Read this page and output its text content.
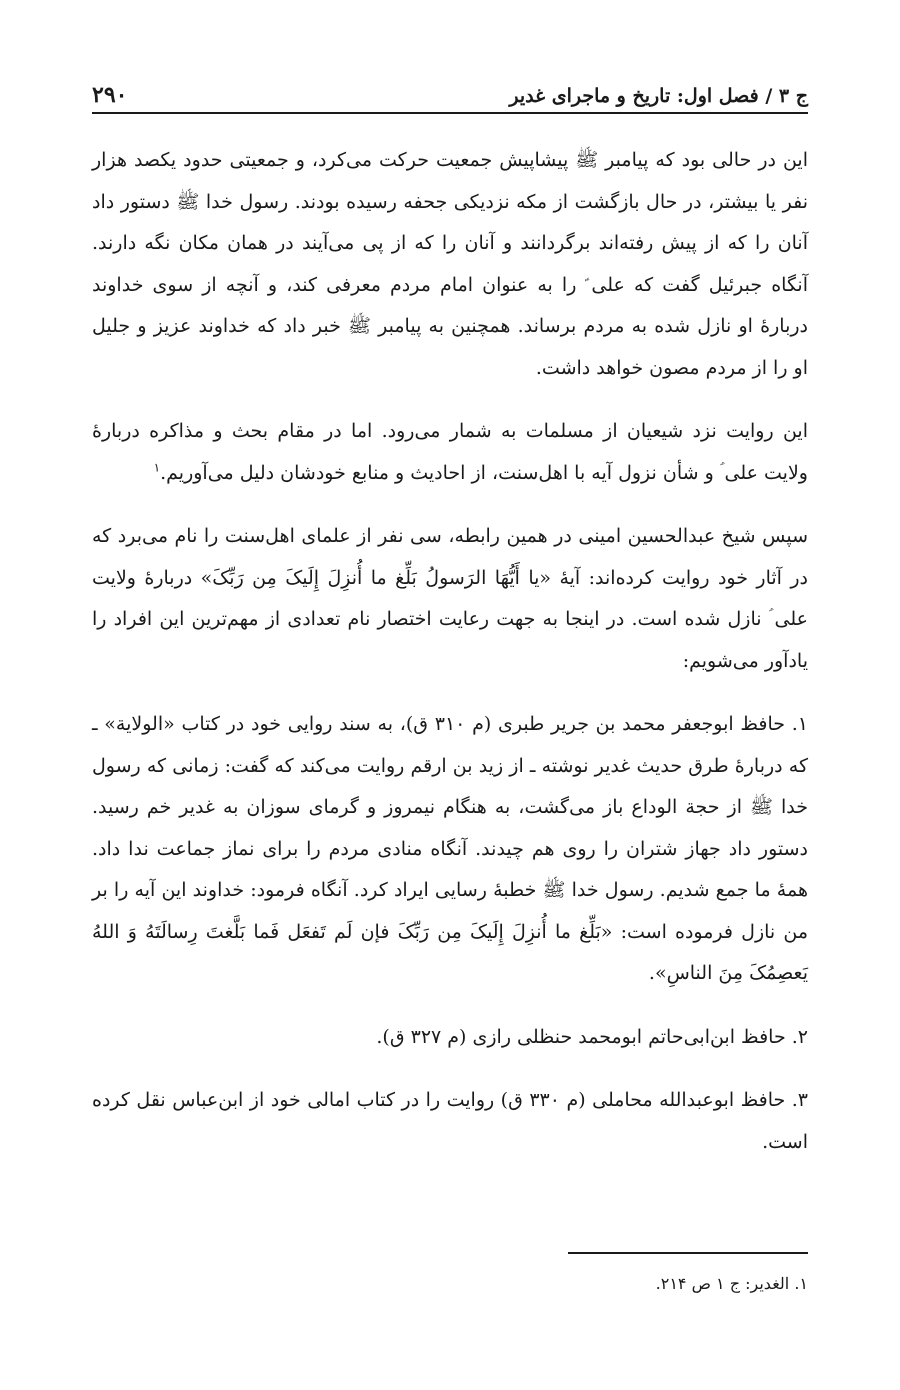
ج ۳ / فصل اول: تاریخ و ماجرای غدیر
۲۹۰

این در حالی بود که پیامبر ﷺ پیشاپیش جمعیت حرکت می‌کرد، و جمعیتی حدود یکصد هزار نفر یا بیشتر، در حال بازگشت از مکه نزدیکی جحفه رسیده بودند. رسول خدا ﷺ دستور داد آنان را که از پیش رفته‌اند برگردانند و آنان را که از پی می‌آیند در همان مکان نگه دارند. آنگاه جبرئیل گفت که علی ؑ را به عنوان امام مردم معرفی کند، و آنچه از سوی خداوند دربارهٔ او نازل شده به مردم برساند. همچنین به پیامبر ﷺ خبر داد که خداوند عزیز و جلیل او را از مردم مصون خواهد داشت.

این روایت نزد شیعیان از مسلمات به شمار می‌رود. اما در مقام بحث و مذاکره دربارهٔ ولایت علی ؑ و شأن نزول آیه با اهل‌سنت، از احادیث و منابع خودشان دلیل می‌آوریم.$^۱$

سپس شیخ عبدالحسین امینی در همین رابطه، سی نفر از علمای اهل‌سنت را نام می‌برد که در آثار خود روایت کرده‌اند: آیهٔ «یا أَیُّهَا الرَسولُ بَلِّغ ما أُنزِلَ إِلَیکَ مِن رَبِّکَ» دربارهٔ ولایت علی ؑ نازل شده است. در اینجا به جهت رعایت اختصار نام تعدادی از مهم‌ترین این افراد را یادآور می‌شویم:

۱. حافظ ابوجعفر محمد بن جریر طبری (م ۳۱۰ ق)، به سند روایی خود در کتاب «الولایة» ـ که دربارهٔ طرق حدیث غدیر نوشته ـ از زید بن ارقم روایت می‌کند که گفت: زمانی که رسول خدا ﷺ از حجة الوداع باز می‌گشت، به هنگام نیمروز و گرمای سوزان به غدیر خم رسید. دستور داد جهاز شتران را روی هم چیدند. آنگاه منادی مردم را برای نماز جماعت ندا داد. همهٔ ما جمع شدیم. رسول خدا ﷺ خطبهٔ رسایی ایراد کرد. آنگاه فرمود: خداوند این آیه را بر من نازل فرموده است: «بَلِّغ ما أُنزِلَ إِلَیکَ مِن رَبِّکَ فإن لَم تَفعَل فَما بَلَّغتَ رِسالَتَهُ وَ اللهُ یَعصِمُکَ مِنَ الناسِ».

۲. حافظ ابن‌ابی‌حاتم ابومحمد حنظلی رازی (م ۳۲۷ ق).

۳. حافظ ابوعبدالله محاملی (م ۳۳۰ ق) روایت را در کتاب امالی خود از ابن‌عباس نقل کرده است.

۱. الغدیر: ج ۱ ص ۲۱۴.
